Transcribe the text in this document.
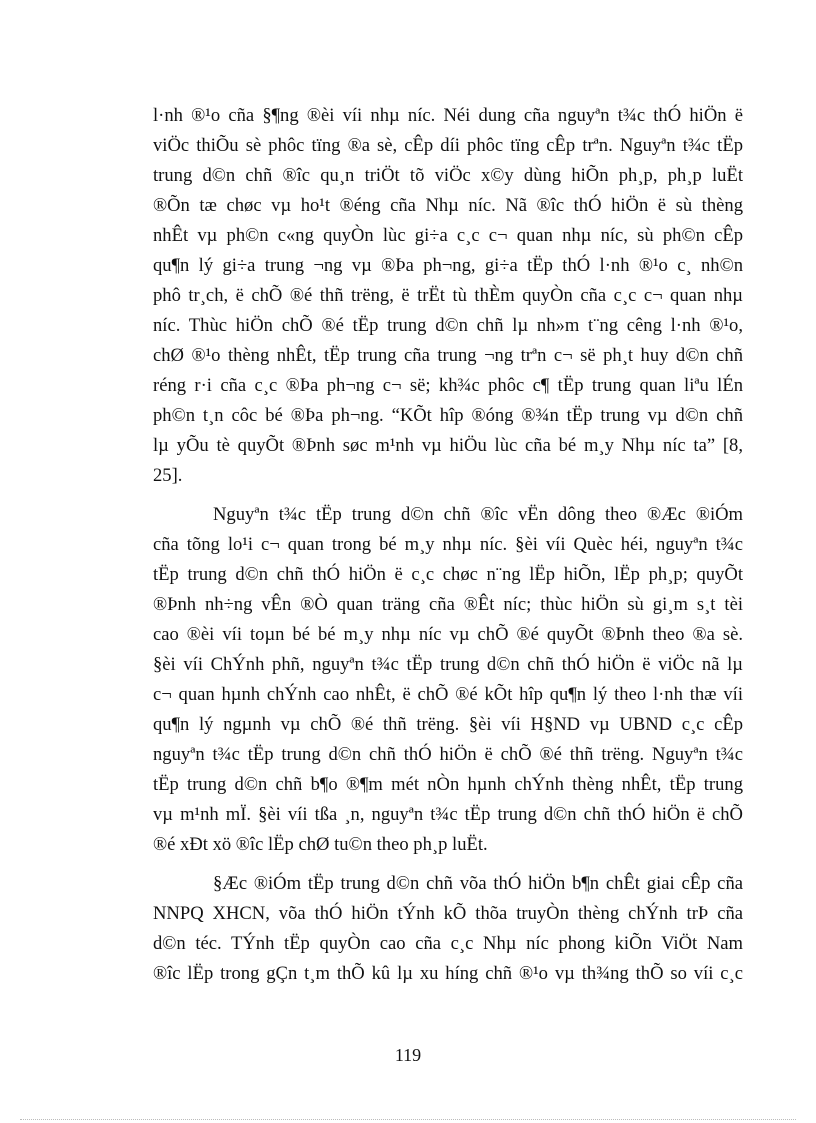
l·nh ®¹o cña §¶ng ®èi víi nhµ níc. Néi dung cña nguyªn t¾c thÓ hiÖn ë
viÖc thiÕu sè phôc tïng ®a sè, cÊp díi phôc tïng cÊp trªn. Nguyªn t¾c tËp
trung d©n chñ ®îc qu¸n triÖt tõ viÖc x©y dùng hiÕn ph¸p, ph¸p luËt
®Õn tæ chøc vµ ho¹t ®éng cña Nhµ níc. Nã ®îc thÓ hiÖn ë sù thèng
nhÊt vµ ph©n c«ng quyÒn lùc gi÷a c¸c c¬ quan nhµ níc, sù ph©n cÊp
qu¶n lý gi÷a trung ¬ng vµ ®Þa ph¬ng, gi÷a tËp thÓ l·nh ®¹o c¸ nh©n
phô tr¸ch, ë chÕ ®é thñ trëng, ë trËt tù thÈm quyÒn cña c¸c c¬ quan nhµ
níc. Thùc hiÖn chÕ ®é tËp trung d©n chñ lµ nh»m t¨ng cêng l·nh ®¹o,
chØ ®¹o thèng nhÊt, tËp trung cña trung ¬ng trªn c¬ së ph¸t huy d©n chñ
réng r·i cña c¸c ®Þa ph¬ng c¬ së; kh¾c phôc c¶ tËp trung quan liªu lÉn
ph©n t¸n côc bé ®Þa ph¬ng. “KÕt hîp ®óng ®¾n tËp trung vµ d©n chñ
lµ yÕu tè quyÕt ®Þnh søc m¹nh vµ hiÖu lùc cña bé m¸y Nhµ níc ta” [8,
25].
Nguyªn t¾c tËp trung d©n chñ ®îc vËn dông theo ®Æc ®iÓm
cña tõng lo¹i c¬ quan trong bé m¸y nhµ níc. §èi víi Quèc héi, nguyªn t¾c
tËp trung d©n chñ thÓ hiÖn ë c¸c chøc n¨ng lËp hiÕn, lËp ph¸p; quyÕt
®Þnh nh÷ng vÊn ®Ò quan träng cña ®Êt níc; thùc hiÖn sù gi¸m s¸t tèi
cao ®èi víi toµn bé bé m¸y nhµ níc vµ chÕ ®é quyÕt ®Þnh theo ®a sè.
§èi víi ChÝnh phñ, nguyªn t¾c tËp trung d©n chñ thÓ hiÖn ë viÖc nã lµ
c¬ quan hµnh chÝnh cao nhÊt, ë chÕ ®é kÕt hîp qu¶n lý theo l·nh thæ víi
qu¶n lý ngµnh vµ chÕ ®é thñ trëng. §èi víi H§ND vµ UBND c¸c cÊp
nguyªn t¾c tËp trung d©n chñ thÓ hiÖn ë chÕ ®é thñ trëng. Nguyªn t¾c
tËp trung d©n chñ b¶o ®¶m mét nÒn hµnh chÝnh thèng nhÊt, tËp trung
vµ m¹nh mÏ. §èi víi tßa ¸n, nguyªn t¾c tËp trung d©n chñ thÓ hiÖn ë chÕ
®é xÐt xö ®îc lËp chØ tu©n theo ph¸p luËt.
§Æc ®iÓm tËp trung d©n chñ võa thÓ hiÖn b¶n chÊt giai cÊp cña
NNPQ XHCN, võa thÓ hiÖn tÝnh kÕ thõa truyÒn thèng chÝnh trÞ cña
d©n téc. TÝnh tËp quyÒn cao cña c¸c Nhµ níc phong kiÕn ViÖt Nam
®îc lËp trong gÇn t¸m thÕ kû lµ xu híng chñ ®¹o vµ th¾ng thÕ so víi c¸c
119
